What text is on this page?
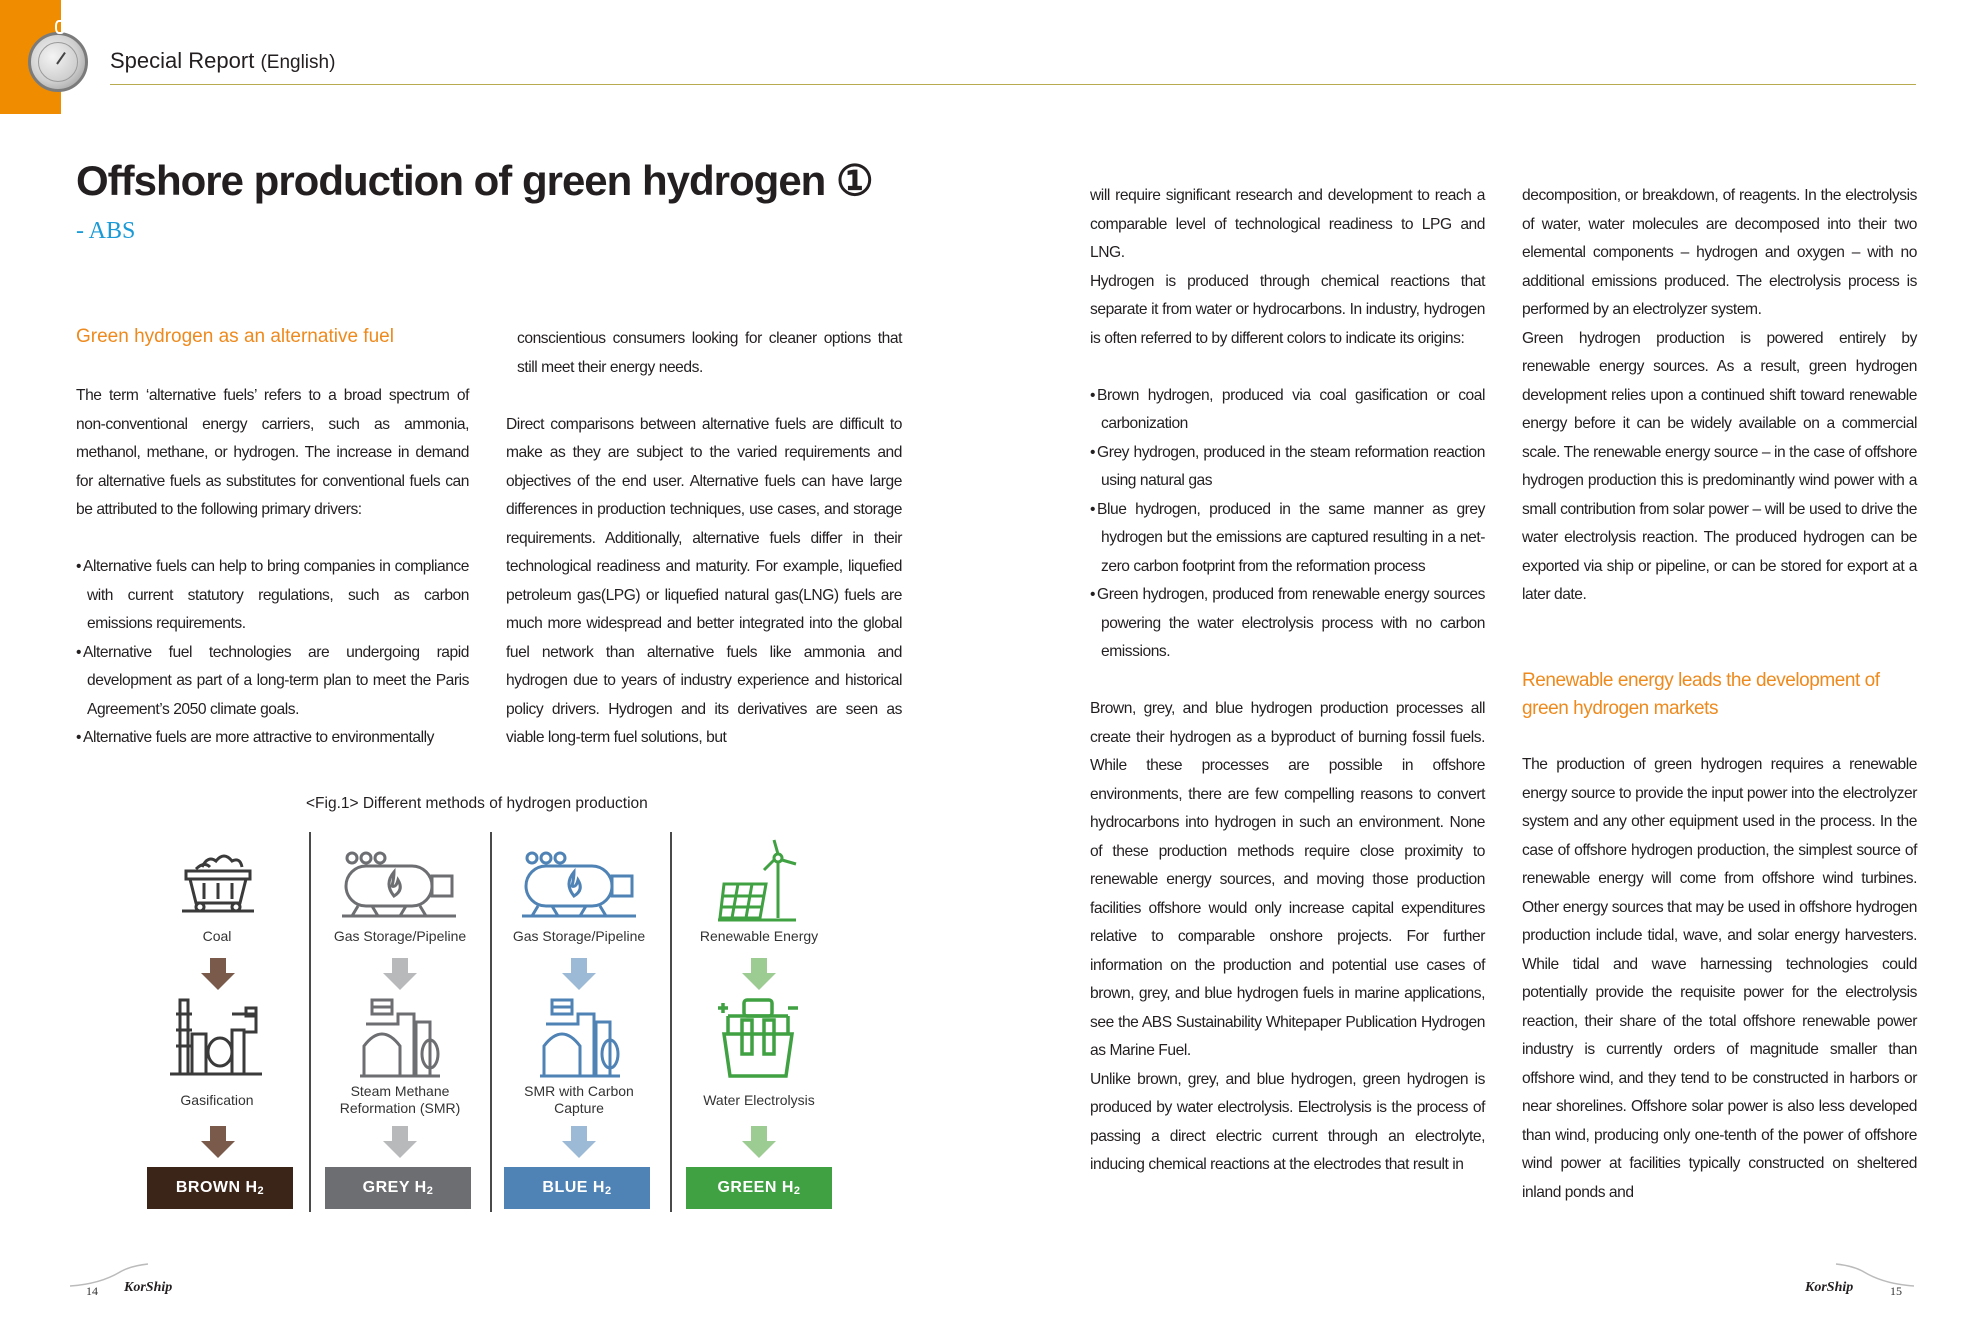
Special Report (English)
Offshore production of green hydrogen ①
- ABS
Green hydrogen as an alternative fuel

The term ‘alternative fuels’ refers to a broad spectrum of non-conventional energy carriers, such as ammonia, methanol, methane, or hydrogen. The increase in demand for alternative fuels as substitutes for conventional fuels can be attributed to the following primary drivers:

• Alternative fuels can help to bring companies in compliance with current statutory regulations, such as carbon emissions requirements.
• Alternative fuel technologies are undergoing rapid development as part of a long-term plan to meet the Paris Agreement’s 2050 climate goals.
• Alternative fuels are more attractive to environmentally

conscientious consumers looking for cleaner options that still meet their energy needs.

Direct comparisons between alternative fuels are difficult to make as they are subject to the varied requirements and objectives of the end user. Alternative fuels can have large differences in production techniques, use cases, and storage requirements. Additionally, alternative fuels differ in their technological readiness and maturity. For example, liquefied petroleum gas(LPG) or liquefied natural gas(LNG) fuels are much more widespread and better integrated into the global fuel network than alternative fuels like ammonia and hydrogen due to years of industry experience and historical policy drivers. Hydrogen and its derivatives are seen as viable long-term fuel solutions, but

will require significant research and development to reach a comparable level of technological readiness to LPG and LNG.

Hydrogen is produced through chemical reactions that separate it from water or hydrocarbons. In industry, hydrogen is often referred to by different colors to indicate its origins:

• Brown hydrogen, produced via coal gasification or coal carbonization
• Grey hydrogen, produced in the steam reformation reaction using natural gas
• Blue hydrogen, produced in the same manner as grey hydrogen but the emissions are captured resulting in a net-zero carbon footprint from the reformation process
• Green hydrogen, produced from renewable energy sources powering the water electrolysis process with no carbon emissions.

Brown, grey, and blue hydrogen production processes all create their hydrogen as a byproduct of burning fossil fuels. While these processes are possible in offshore environments, there are few compelling reasons to convert hydrocarbons into hydrogen in such an environment. None of these production methods require close proximity to renewable energy sources, and moving those production facilities offshore would only increase capital expenditures relative to comparable onshore projects. For further information on the production and potential use cases of brown, grey, and blue hydrogen fuels in marine applications, see the ABS Sustainability Whitepaper Publication Hydrogen as Marine Fuel.

Unlike brown, grey, and blue hydrogen, green hydrogen is produced by water electrolysis. Electrolysis is the process of passing a direct electric current through an electrolyte, inducing chemical reactions at the electrodes that result in

decomposition, or breakdown, of reagents. In the electrolysis of water, water molecules are decomposed into their two elemental components – hydrogen and oxygen – with no additional emissions produced. The electrolysis process is performed by an electrolyzer system.

Green hydrogen production is powered entirely by renewable energy sources. As a result, green hydrogen development relies upon a continued shift toward renewable energy before it can be widely available on a commercial scale. The renewable energy source – in the case of offshore hydrogen production this is predominantly wind power with a small contribution from solar power – will be used to drive the water electrolysis reaction. The produced hydrogen can be exported via ship or pipeline, or can be stored for export at a later date.

Renewable energy leads the development of
green hydrogen markets

The production of green hydrogen requires a renewable energy source to provide the input power into the electrolyzer system and any other equipment used in the process. In the case of offshore hydrogen production, the simplest source of renewable energy will come from offshore wind turbines. Other energy sources that may be used in offshore hydrogen production include tidal, wave, and solar energy harvesters. While tidal and wave harnessing technologies could potentially provide the requisite power for the electrolysis reaction, their share of the total offshore renewable power industry is currently orders of magnitude smaller than offshore wind, and they tend to be constructed in harbors or near shorelines. Offshore solar power is also less developed than wind, producing only one-tenth of the power of offshore wind power at facilities typically constructed on sheltered inland ponds and

<Fig.1> Different methods of hydrogen production
Coal	Gas Storage/Pipeline	Gas Storage/Pipeline	Renewable Energy
Gasification
Steam Methane
Reformation (SMR)
SMR with Carbon
Capture	Water Electrolysis
BROWN $H_2$	GREY $H_2$	BLUE $H_2$	GREEN $H_2$
14 KorShip	KorShip	15
